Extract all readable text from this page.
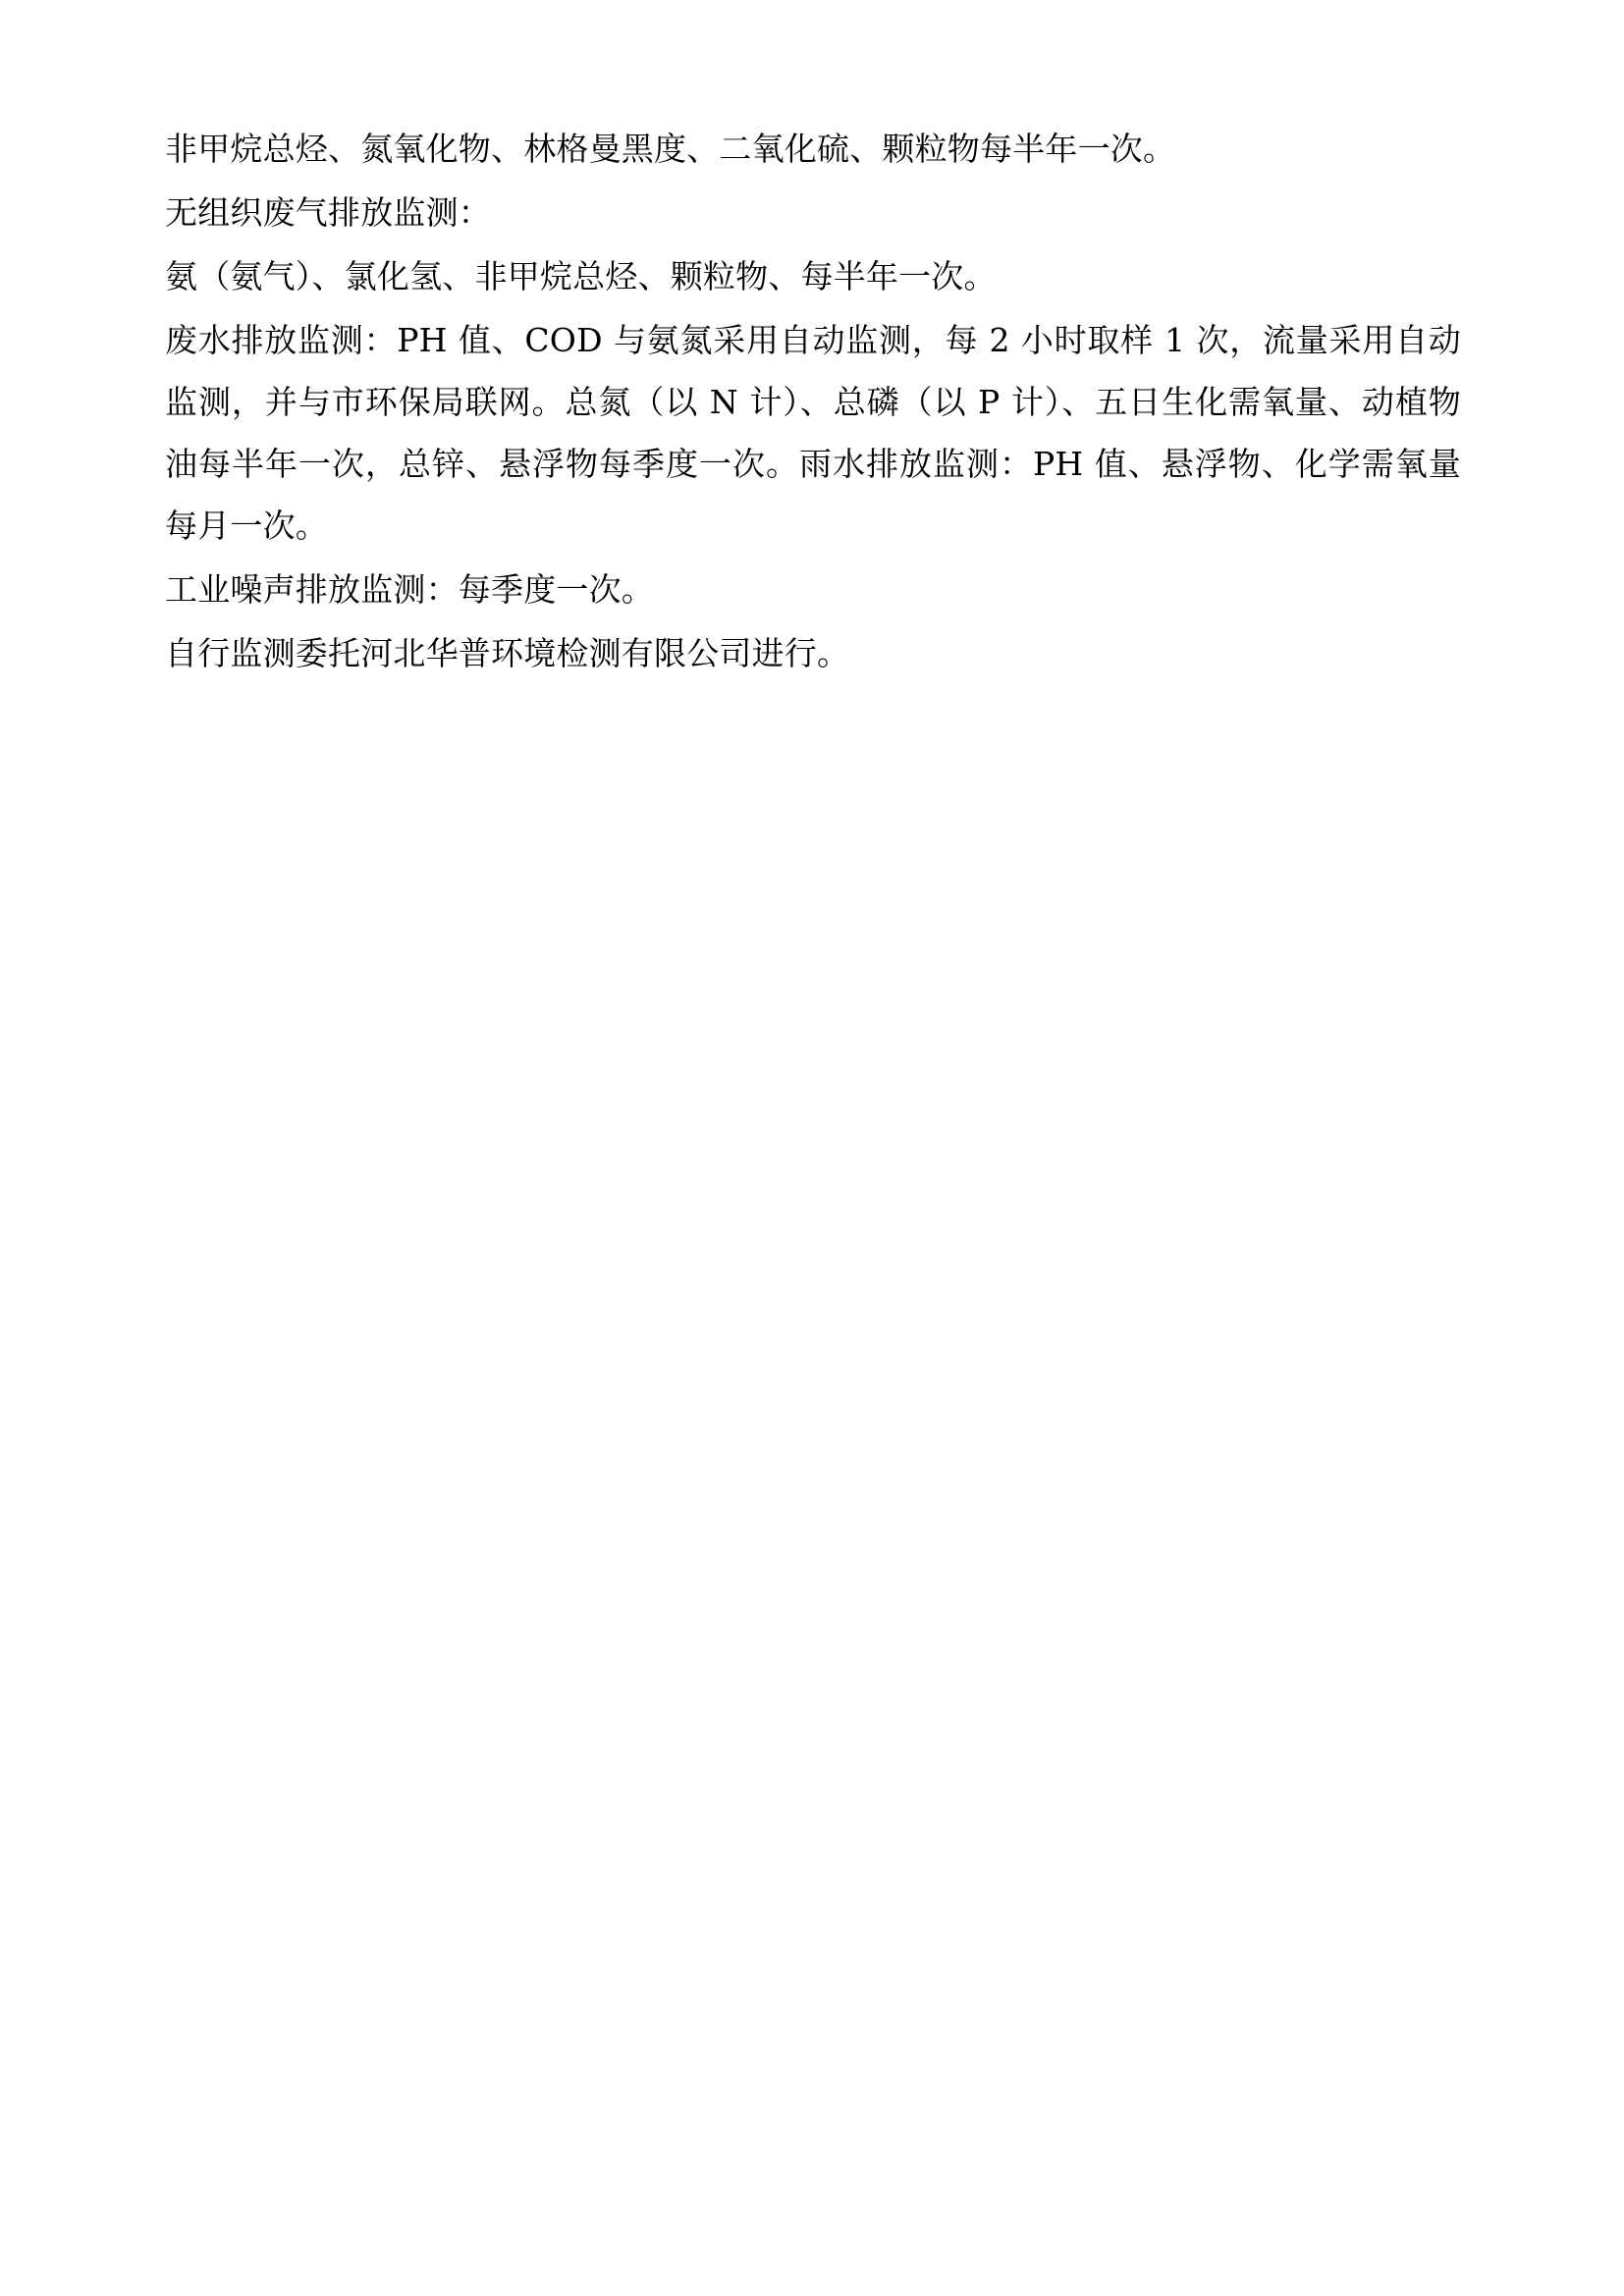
非甲烷总烃、氮氧化物、林格曼黑度、二氧化硫、颗粒物每半年一次。

无组织废气排放监测：

氨（氨气）、氯化氢、非甲烷总烃、颗粒物、每半年一次。

废水排放监测：PH 值、COD 与氨氮采用自动监测，每 2 小时取样 1 次，流量采用自动监测，并与市环保局联网。总氮（以 N 计）、总磷（以 P 计）、五日生化需氧量、动植物油每半年一次，总锌、悬浮物每季度一次。雨水排放监测：PH 值、悬浮物、化学需氧量每月一次。

工业噪声排放监测：每季度一次。

自行监测委托河北华普环境检测有限公司进行。
